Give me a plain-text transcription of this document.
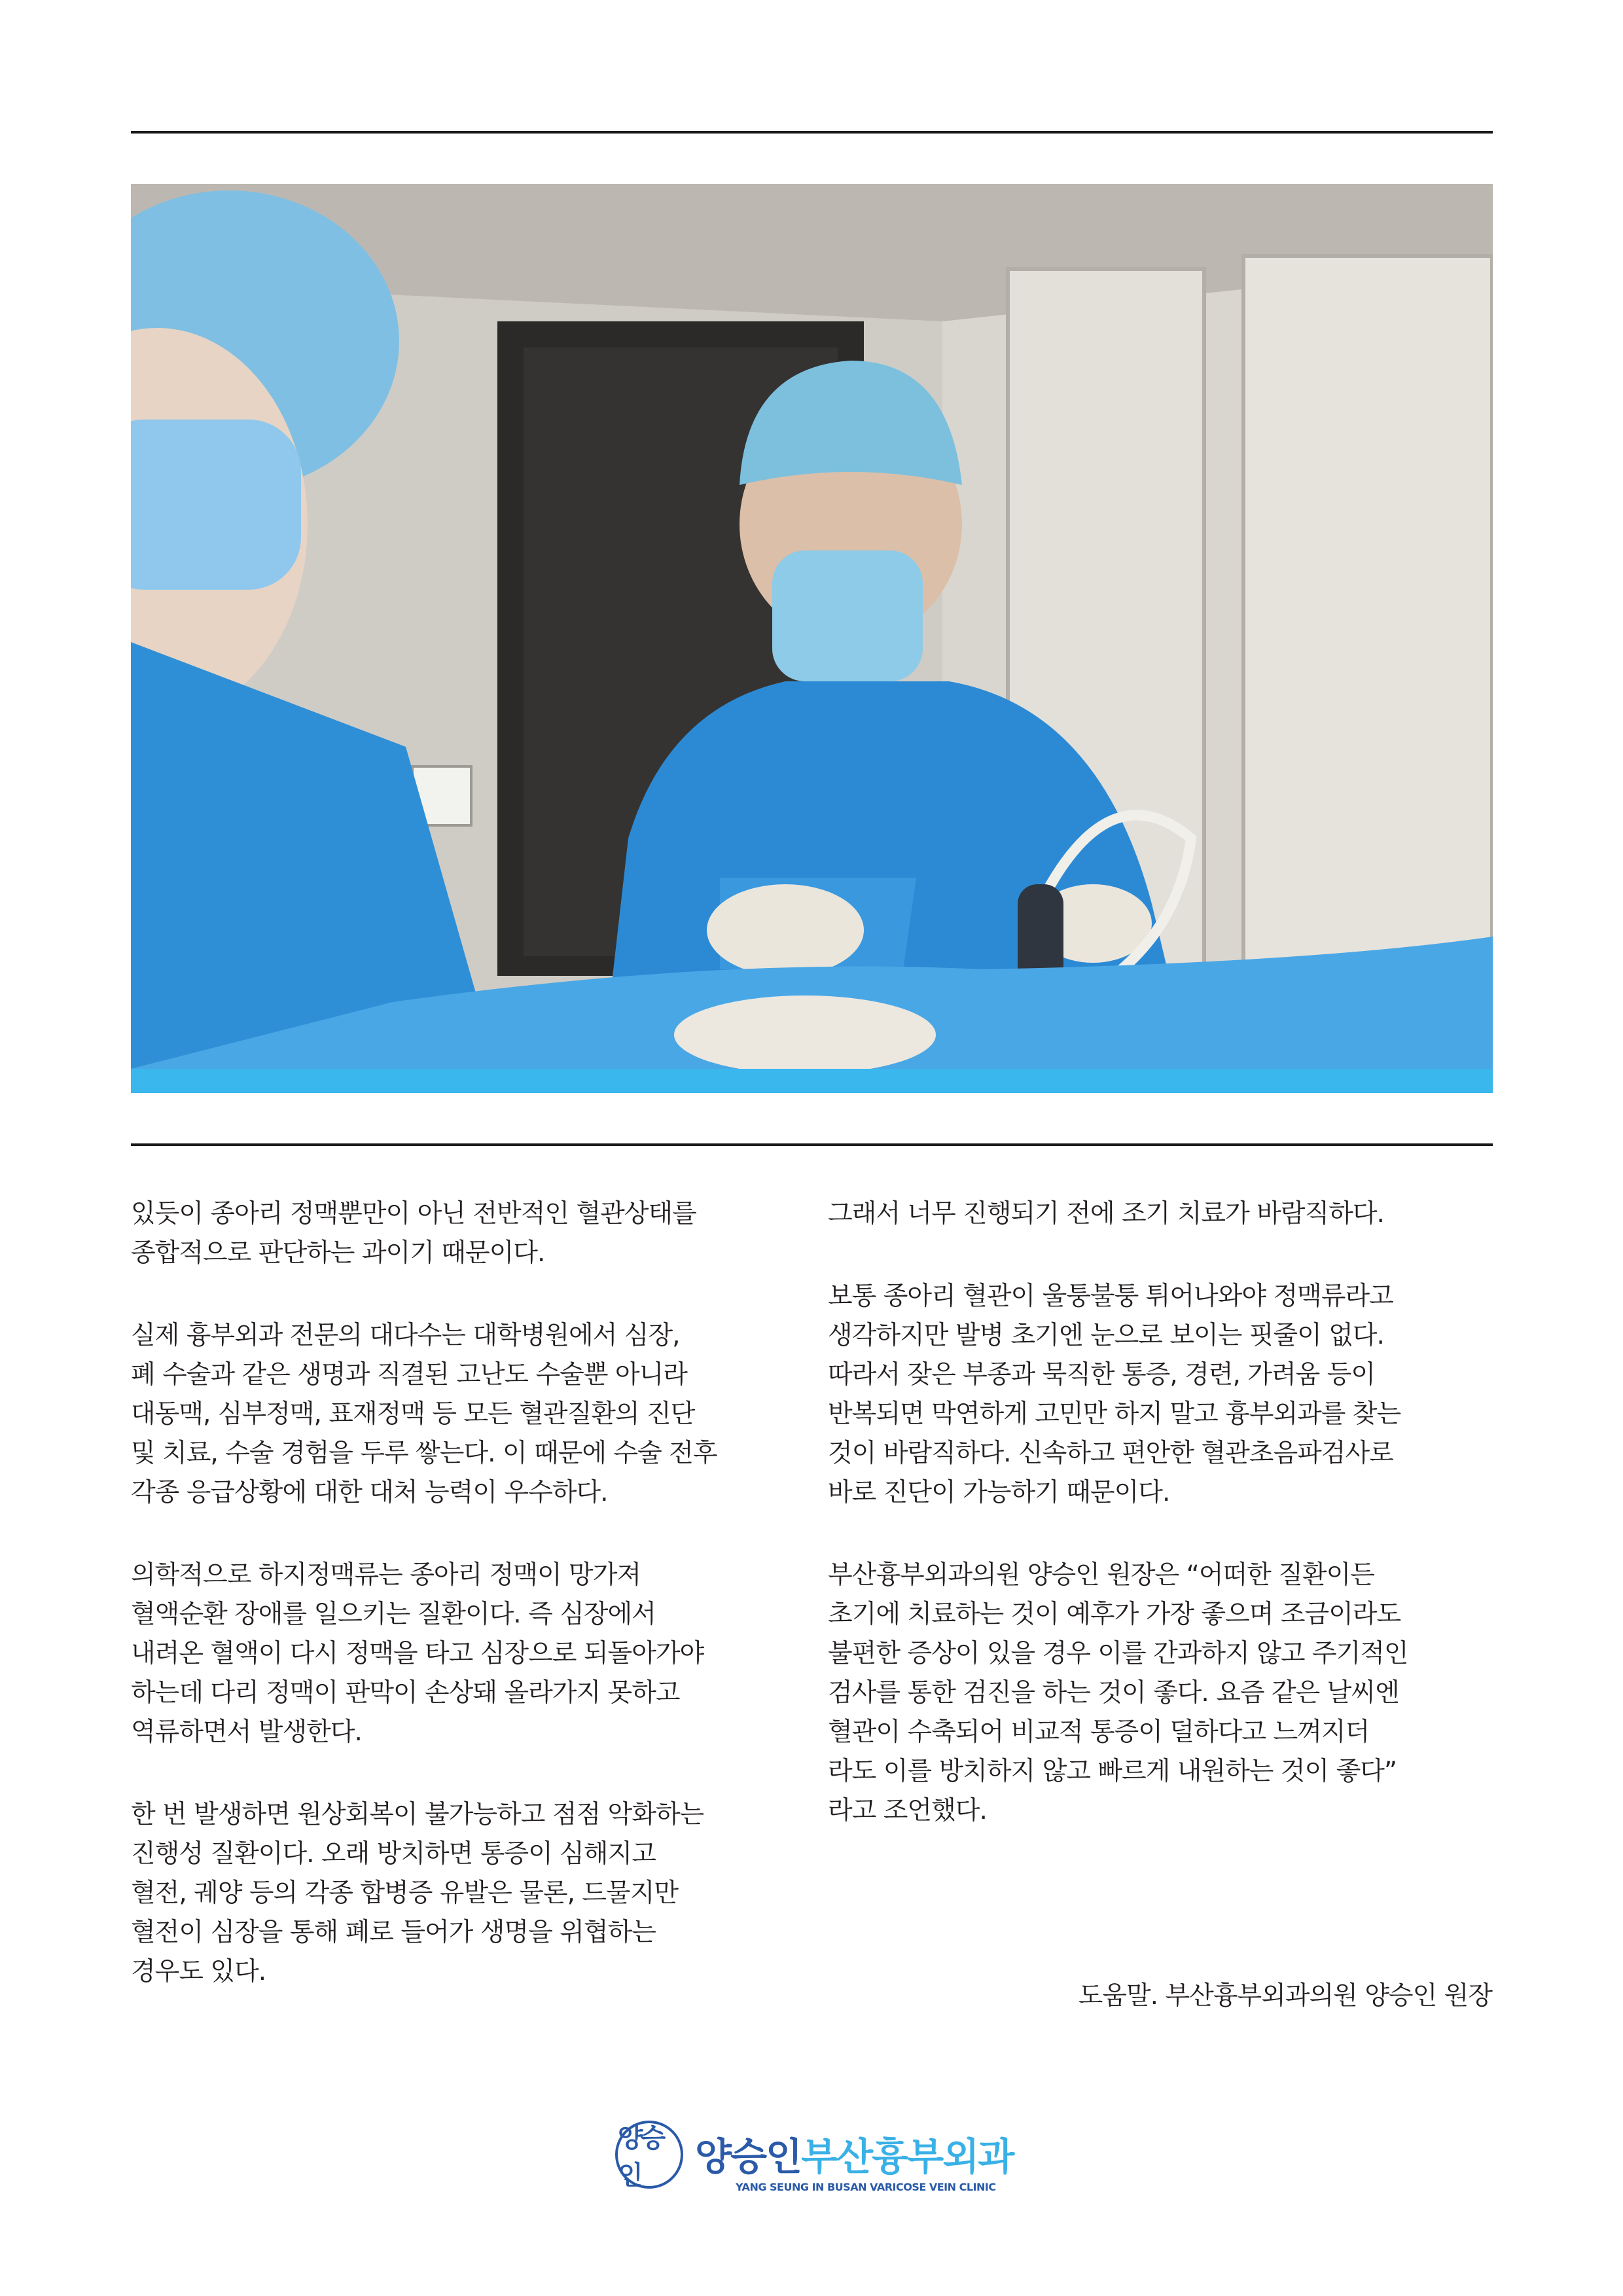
있듯이 종아리 정맥뿐만이 아닌 전반적인 혈관상태를
종합적으로 판단하는 과이기 때문이다.

실제 흉부외과 전문의 대다수는 대학병원에서 심장,
폐 수술과 같은 생명과 직결된 고난도 수술뿐 아니라
대동맥, 심부정맥, 표재정맥 등 모든 혈관질환의 진단
및 치료, 수술 경험을 두루 쌓는다. 이 때문에 수술 전후
각종 응급상황에 대한 대처 능력이 우수하다.

의학적으로 하지정맥류는 종아리 정맥이 망가져
혈액순환 장애를 일으키는 질환이다. 즉 심장에서
내려온 혈액이 다시 정맥을 타고 심장으로 되돌아가야
하는데 다리 정맥이 판막이 손상돼 올라가지 못하고
역류하면서 발생한다.

한 번 발생하면 원상회복이 불가능하고 점점 악화하는
진행성 질환이다. 오래 방치하면 통증이 심해지고
혈전, 궤양 등의 각종 합병증 유발은 물론, 드물지만
혈전이 심장을 통해 폐로 들어가 생명을 위협하는
경우도 있다.

그래서 너무 진행되기 전에 조기 치료가 바람직하다.

보통 종아리 혈관이 울퉁불퉁 튀어나와야 정맥류라고
생각하지만 발병 초기엔 눈으로 보이는 핏줄이 없다.
따라서 잦은 부종과 묵직한 통증, 경련, 가려움 등이
반복되면 막연하게 고민만 하지 말고 흉부외과를 찾는
것이 바람직하다. 신속하고 편안한 혈관초음파검사로
바로 진단이 가능하기 때문이다.

부산흉부외과의원 양승인 원장은 “어떠한 질환이든
초기에 치료하는 것이 예후가 가장 좋으며 조금이라도
불편한 증상이 있을 경우 이를 간과하지 않고 주기적인
검사를 통한 검진을 하는 것이 좋다. 요즘 같은 날씨엔
혈관이 수축되어 비교적 통증이 덜하다고 느껴지더
라도 이를 방치하지 않고 빠르게 내원하는 것이 좋다”
라고 조언했다.

도움말. 부산흉부외과의원 양승인 원장
양승인	양승인부산흉부외과
YANG SEUNG IN BUSAN VARICOSE VEIN CLINIC
